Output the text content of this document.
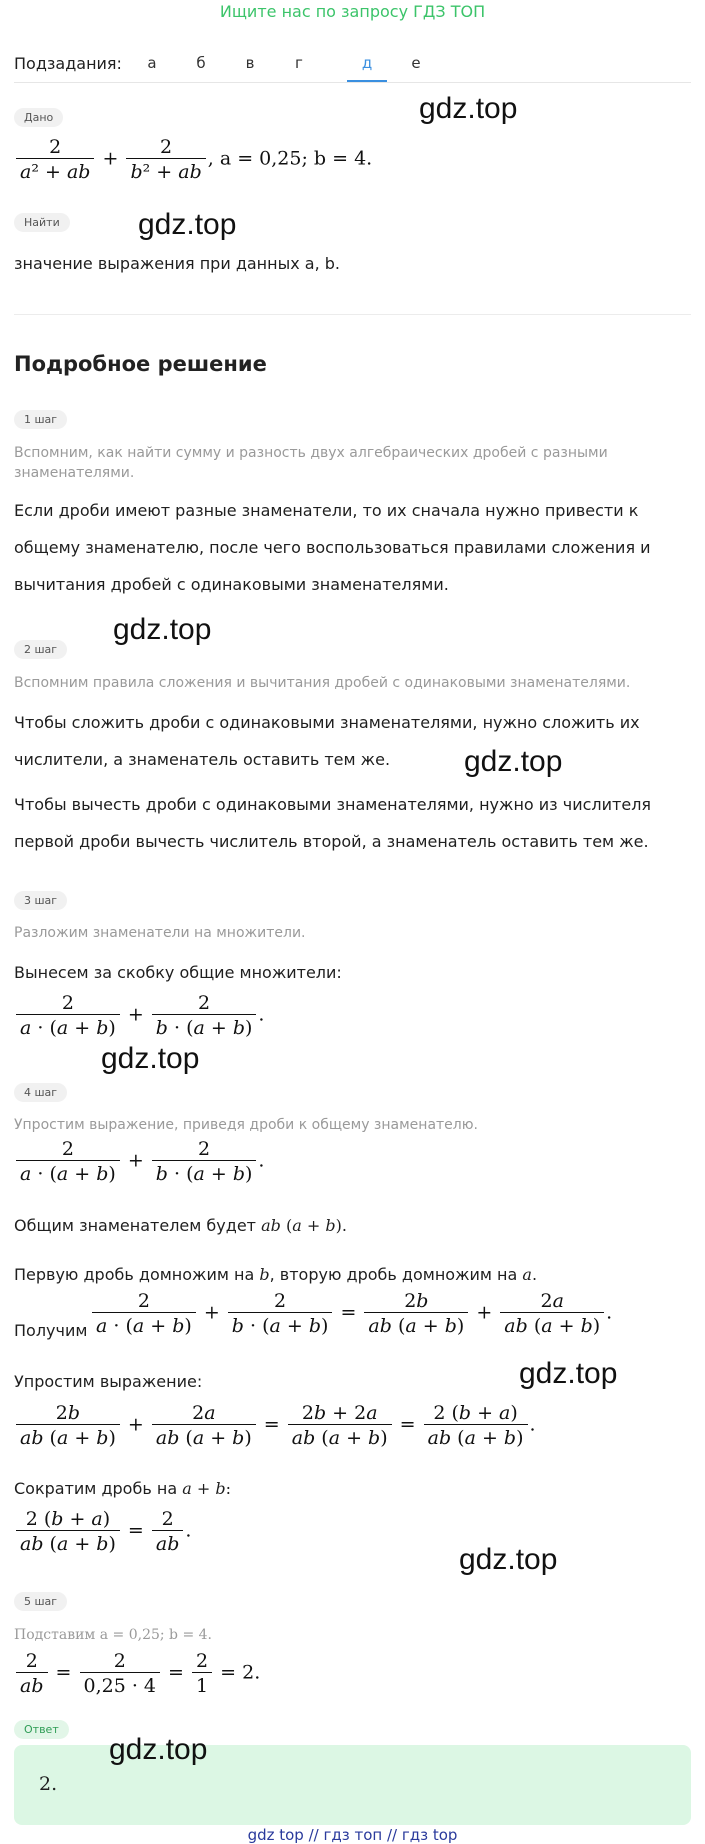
Ищите нас по запросу ГДЗ ТОП
Подзадания:	а	б	в	г	д	е
Дано
$\frac{2}{\text{a² + ab}} + \frac{2}{\text{b² + ab}}$ , a = 0,25; b = 4.
Найти
значение выражения при данных a, b.
Подробное решение
1 шаг
Вспомним, как найти сумму и разность двух алгебраических дробей с разными знаменателями.
Если дроби имеют разные знаменатели, то их сначала нужно привести к
общему знаменателю, после чего воспользоваться правилами сложения и
вычитания дробей с одинаковыми знаменателями.
2 шаг
Вспомним правила сложения и вычитания дробей с одинаковыми знаменателями.
Чтобы сложить дроби с одинаковыми знаменателями, нужно сложить их
числители, а знаменатель оставить тем же.
Чтобы вычесть дроби с одинаковыми знаменателями, нужно из числителя
первой дроби вычесть числитель второй, а знаменатель оставить тем же.
3 шаг
Разложим знаменатели на множители.
Вынесем за скобку общие множители:
$\frac{2}{a \cdot (a + b)} + \frac{2}{b \cdot (a + b)}$ .
4 шаг
Упростим выражение, приведя дроби к общему знаменателю.
$\frac{2}{a \cdot (a + b)} + \frac{2}{b \cdot (a + b)}$ .
Общим знаменателем будет ab (a + b).
Первую дробь домножим на b, вторую дробь домножим на a.
Получим $\frac{2}{a \cdot (a + b)} + \frac{2}{b \cdot (a + b)} = \frac{2b}{ab (a + b)} + \frac{2a}{ab (a + b)}$ .
Упростим выражение:
$\frac{2b}{ab (a + b)} + \frac{2a}{ab (a + b)} = \frac{2b + 2a}{ab (a + b)} = \frac{2 (b + a)}{ab (a + b)}$ .
Сократим дробь на a + b:
$\frac{2 (b + a)}{ab (a + b)} = \frac{2}{ab}$ .
5 шаг
Подставим a = 0,25; b = 4.
$\frac{2}{ab} = \frac{2}{0,25 \cdot 4} = \frac{2}{1} = 2$.
Ответ
2.
gdz.top
gdz.top
gdz.top
gdz.top
gdz.top
gdz.top
gdz.top
gdz.top
gdz top // гдз топ // гдз top
